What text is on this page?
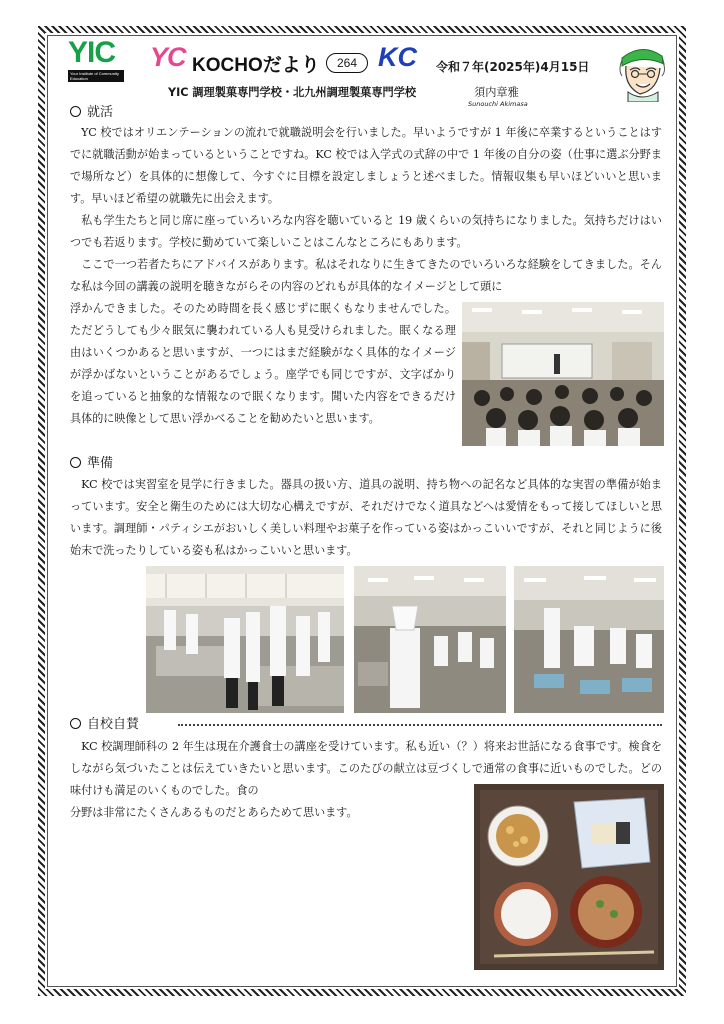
YIC
Your Institute of Community Education
YC KOCHOだより	264 KC 令和７年(2025年)4月15日
YIC 調理製菓専門学校・北九州調理製菓専門学校	須内章雅
Sunouchi Akimasa
就活

YC 校ではオリエンテーションの流れで就職説明会を行いました。早いようですが 1 年後に卒業するということはすでに就職活動が始まっているということですね。KC 校では入学式の式辞の中で 1 年後の自分の姿（仕事に選ぶ分野まで場所など）を具体的に想像して、今すぐに目標を設定しましょうと述べました。情報収集も早いほどいいと思います。早いほど希望の就職先に出会えます。

私も学生たちと同じ席に座っていろいろな内容を聴いていると 19 歳くらいの気持ちになりました。気持ちだけはいつでも若返ります。学校に勤めていて楽しいことはこんなところにもあります。

ここで一つ若者たちにアドバイスがあります。私はそれなりに生きてきたのでいろいろな経験をしてきました。そんな私は今回の講義の説明を聴きながらその内容のどれもが具体的なイメージとして頭に

浮かんできました。そのため時間を長く感じずに眠くもなりませんでした。ただどうしても少々眠気に襲われている人も見受けられました。眠くなる理由はいくつかあると思いますが、一つにはまだ経験がなく具体的なイメージが浮かばないということがあるでしょう。座学でも同じですが、文字ばかりを追っていると抽象的な情報なので眠くなります。聞いた内容をできるだけ具体的に映像として思い浮かべることを勧めたいと思います。

準備

KC 校では実習室を見学に行きました。器具の扱い方、道具の説明、持ち物への記名など具体的な実習の準備が始まっています。安全と衛生のためには大切な心構えですが、それだけでなく道具などへは愛情をもって接してほしいと思います。調理師・パティシエがおいしく美しい料理やお菓子を作っている姿はかっこいいですが、それと同じように後始末で洗ったりしている姿も私はかっこいいと思います。

自校自賛

KC 校調理師科の 2 年生は現在介護食士の講座を受けています。私も近い（？）将来お世話になる食事です。検食をしながら気づいたことは伝えていきたいと思います。このたびの献立は豆づくしで通常の食事に近いものでした。どの味付けも満足のいくものでした。食の

分野は非常にたくさんあるものだとあらためて思います。
